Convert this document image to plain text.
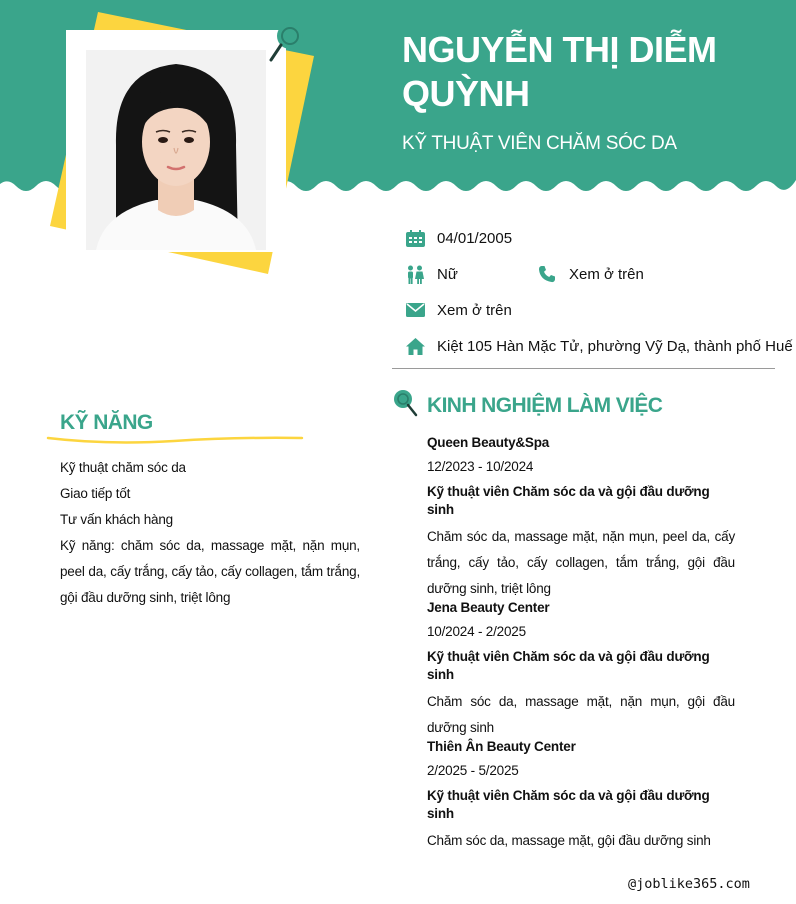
NGUYỄN THỊ DIỄM QUỲNH
KỸ THUẬT VIÊN CHĂM SÓC DA
04/01/2005
Nữ	Xem ở trên
Xem ở trên
Kiệt 105 Hàn Mặc Tử, phường Vỹ Dạ, thành phố Huế
KỸ NĂNG
Kỹ thuật chăm sóc da
Giao tiếp tốt
Tư vấn khách hàng
Kỹ năng: chăm sóc da, massage mặt, nặn mụn, peel da, cấy trắng, cấy tảo, cấy collagen, tắm trắng, gội đầu dưỡng sinh, triệt lông
KINH NGHIỆM LÀM VIỆC
Queen Beauty&Spa
12/2023 - 10/2024
Kỹ thuật viên Chăm sóc da và gội đầu dưỡng sinh
Chăm sóc da, massage mặt, nặn mụn, peel da, cấy trắng, cấy tảo, cấy collagen, tắm trắng, gội đầu dưỡng sinh, triệt lông
Jena Beauty Center
10/2024 - 2/2025
Kỹ thuật viên Chăm sóc da và gội đầu dưỡng sinh
Chăm sóc da, massage mặt, nặn mụn, gội đầu dưỡng sinh
Thiên Ân Beauty Center
2/2025 - 5/2025
Kỹ thuật viên Chăm sóc da và gội đầu dưỡng sinh
Chăm sóc da, massage mặt, gội đầu dưỡng sinh
@joblike365.com
